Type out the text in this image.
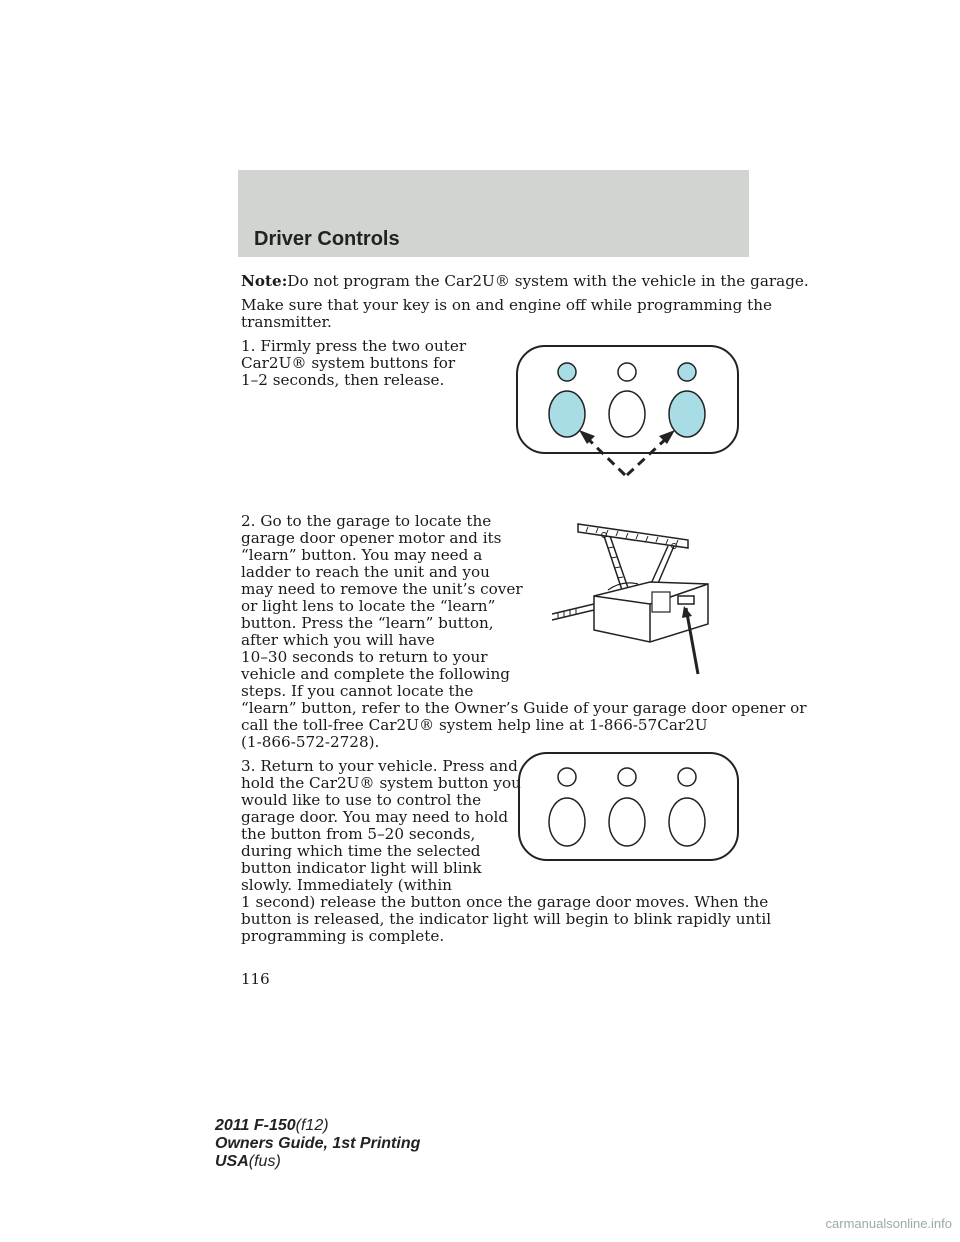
Driver Controls

Note:Do not program the Car2U® system with the vehicle in the garage.

Make sure that your key is on and engine off while programming the

transmitter.

1. Firmly press the two outer

Car2U® system buttons for

1–2 seconds, then release.

2. Go to the garage to locate the

garage door opener motor and its

“learn” button. You may need a

ladder to reach the unit and you

may need to remove the unit’s cover

or light lens to locate the “learn”

button. Press the “learn” button,

after which you will have

10–30 seconds to return to your

vehicle and complete the following

steps. If you cannot locate the

“learn” button, refer to the Owner’s Guide of your garage door opener or

call the toll-free Car2U® system help line at 1-866-57Car2U

(1-866-572-2728).

3. Return to your vehicle. Press and

hold the Car2U® system button you

would like to use to control the

garage door. You may need to hold

the button from 5–20 seconds,

during which time the selected

button indicator light will blink

slowly. Immediately (within

1 second) release the button once the garage door moves. When the

button is released, the indicator light will begin to blink rapidly until

programming is complete.

116

2011 F-150(f12)

Owners Guide, 1st Printing

USA(fus)

carmanualsonline.info
